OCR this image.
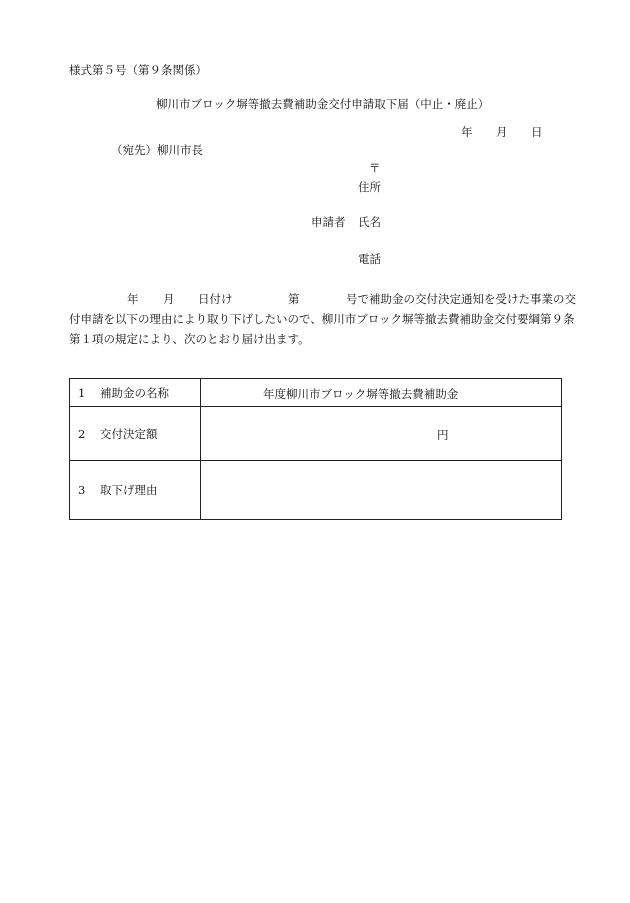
様式第５号（第９条関係）
柳川市ブロック塀等撤去費補助金交付申請取下届（中止・廃止）
年 月 日
（宛先）柳川市長
〒
住所
申請者 氏名
電話
年 月 日付け	第	号で補助金の交付決定通知を受けた事業の交
付申請を以下の理由により取り下げしたいので、柳川市ブロック塀等撤去費補助金交付要綱第９条
第１項の規定により、次のとおり届け出ます。
1 補助金の名称	年度柳川市ブロック塀等撤去費補助金

2 交付決定額	円

3 取下げ理由	
